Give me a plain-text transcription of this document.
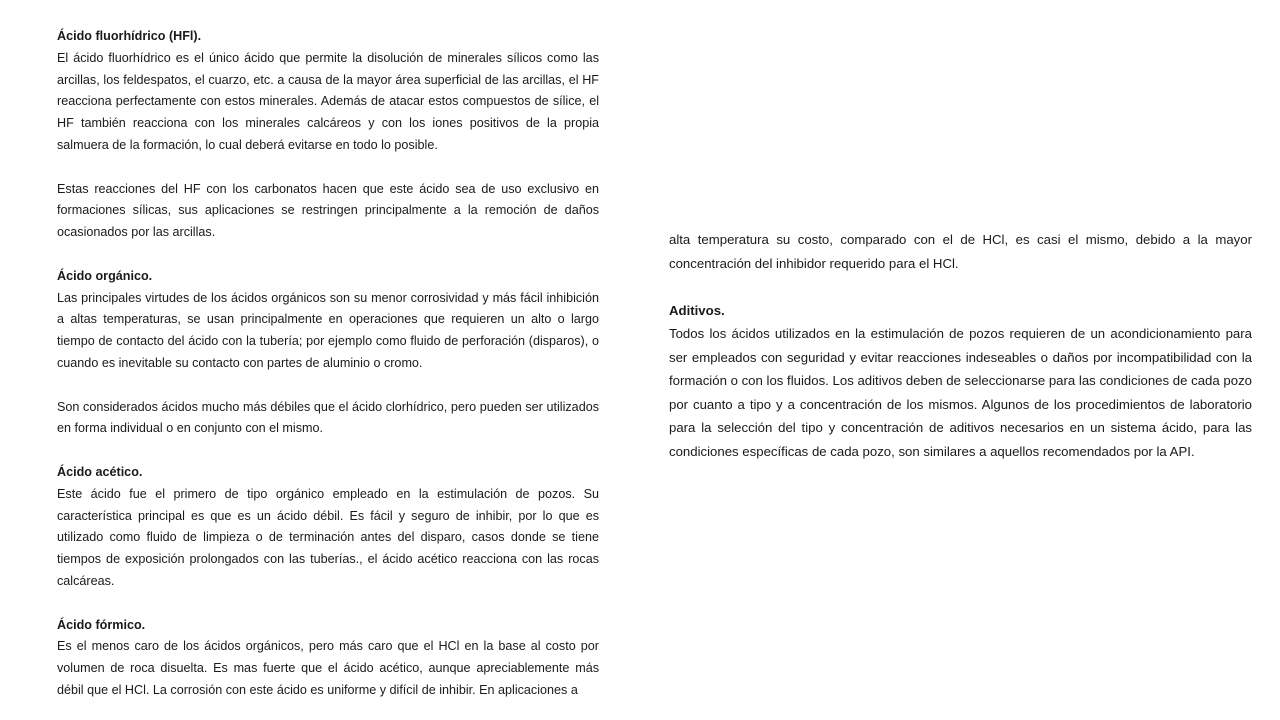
Ácido fluorhídrico (HFl).

El ácido fluorhídrico es el único ácido que permite la disolución de minerales sílicos como las arcillas, los feldespatos, el cuarzo, etc. a causa de la mayor área superficial de las arcillas, el HF reacciona perfectamente con estos minerales. Además de atacar estos compuestos de sílice, el HF también reacciona con los minerales calcáreos y con los iones positivos de la propia salmuera de la formación, lo cual deberá evitarse en todo lo posible.

Estas reacciones del HF con los carbonatos hacen que este ácido sea de uso exclusivo en formaciones sílicas, sus aplicaciones se restringen principalmente a la remoción de daños ocasionados por las arcillas.

Ácido orgánico.

Las principales virtudes de los ácidos orgánicos son su menor corrosividad y más fácil inhibición a altas temperaturas, se usan principalmente en operaciones que requieren un alto o largo tiempo de contacto del ácido con la tubería; por ejemplo como fluido de perforación (disparos), o cuando es inevitable su contacto con partes de aluminio o cromo.

Son considerados ácidos mucho más débiles que el ácido clorhídrico, pero pueden ser utilizados en forma individual o en conjunto con el mismo.

Ácido acético.

Este ácido fue el primero de tipo orgánico empleado en la estimulación de pozos. Su característica principal es que es un ácido débil. Es fácil y seguro de inhibir, por lo que es utilizado como fluido de limpieza o de terminación antes del disparo, casos donde se tiene tiempos de exposición prolongados con las tuberías., el ácido acético reacciona con las rocas calcáreas.

Ácido fórmico.

Es el menos caro de los ácidos orgánicos, pero más caro que el HCl en la base al costo por volumen de roca disuelta. Es mas fuerte que el ácido acético, aunque apreciablemente más débil que el HCl. La corrosión con este ácido es uniforme y difícil de inhibir. En aplicaciones a

alta temperatura su costo, comparado con el de HCl, es casi el mismo, debido a la mayor concentración del inhibidor requerido para el HCl.

Aditivos.

Todos los ácidos utilizados en la estimulación de pozos requieren de un acondicionamiento para ser empleados con seguridad y evitar reacciones indeseables o daños por incompatibilidad con la formación o con los fluidos. Los aditivos deben de seleccionarse para las condiciones de cada pozo por cuanto a tipo y a concentración de los mismos. Algunos de los procedimientos de laboratorio para la selección del tipo y concentración de aditivos necesarios en un sistema ácido, para las condiciones específicas de cada pozo, son similares a aquellos recomendados por la API.
